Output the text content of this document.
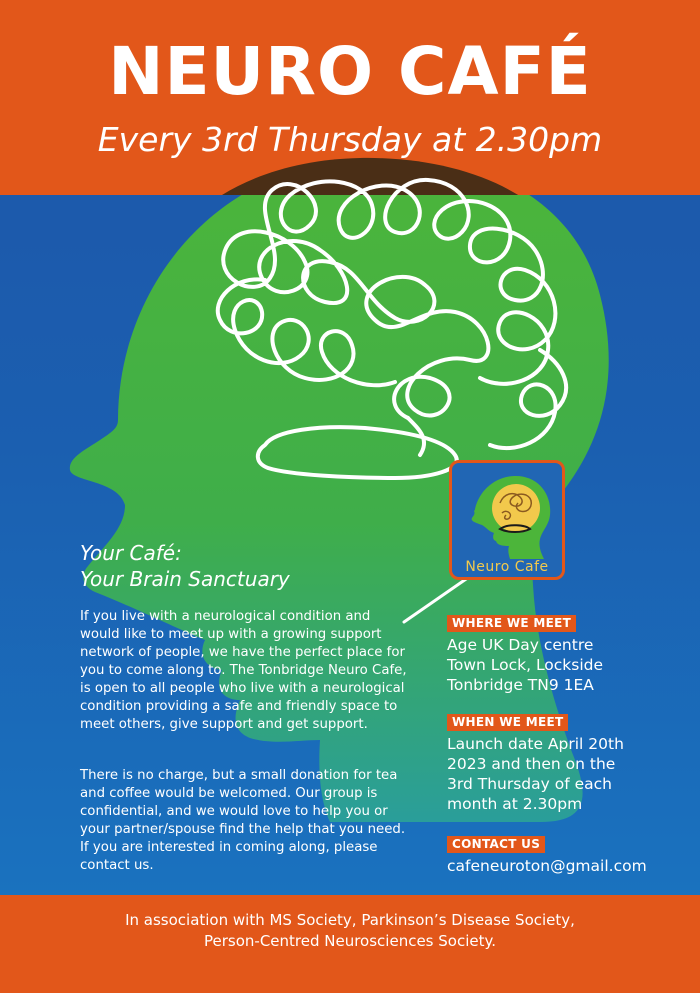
NEURO CAFÉ

Every 3rd Thursday at 2.30pm

Your Café:
Your Brain Sanctuary

If you live with a neurological condition and would like to meet up with a growing support network of people, we have the perfect place for you to come along to. The Tonbridge Neuro Cafe, is open to all people who live with a neurological condition providing a safe and friendly space to meet others, give support and get support.

There is no charge, but a small donation for tea and coffee would be welcomed. Our group is confidential, and we would love to help you or your partner/spouse find the help that you need. If you are interested in coming along, please contact us.

Neuro Cafe
WHERE WE MEET
Age UK Day centre
Town Lock, Lockside
Tonbridge TN9 1EA
WHEN WE MEET
Launch date April 20th
2023 and then on the
3rd Thursday of each
month at 2.30pm
CONTACT US
cafeneuroton@gmail.com
In association with MS Society, Parkinson’s Disease Society,
Person-Centred Neurosciences Society.
